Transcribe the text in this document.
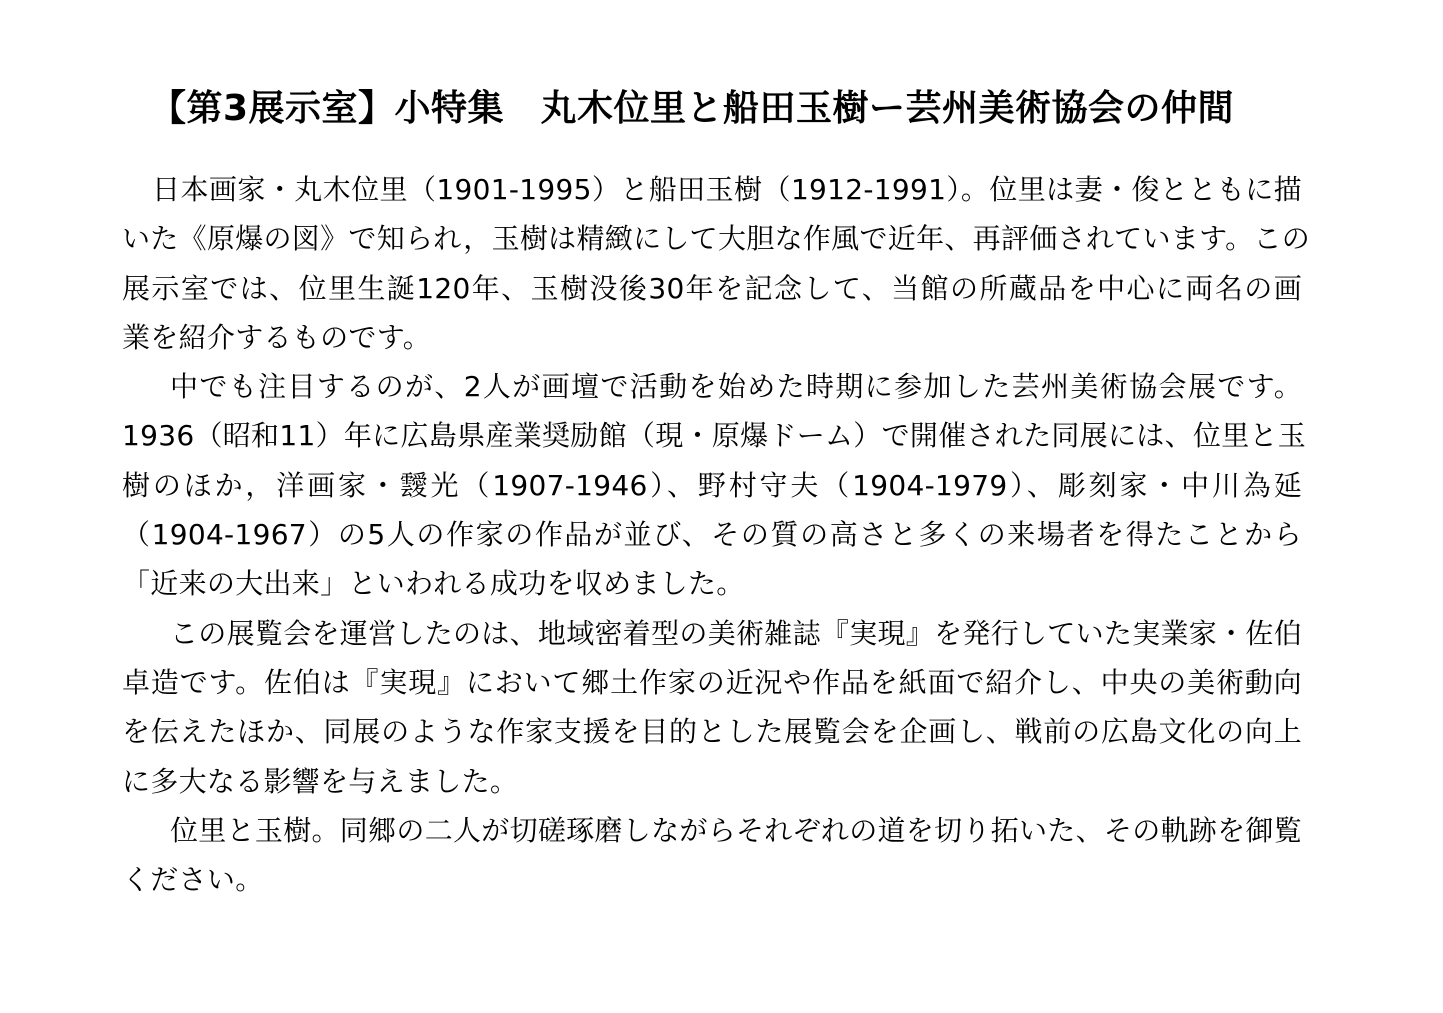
【第3展示室】小特集　丸木位里と船田玉樹ー芸州美術協会の仲間
日本画家・丸木位里（1901-1995）と船田玉樹（1912-1991）。位里は妻・俊とともに描
いた《原爆の図》で知られ，玉樹は精緻にして大胆な作風で近年、再評価されています。この
展示室では、位里生誕120年、玉樹没後30年を記念して、当館の所蔵品を中心に両名の画
業を紹介するものです。
中でも注目するのが、2人が画壇で活動を始めた時期に参加した芸州美術協会展です。
1936（昭和11）年に広島県産業奨励館（現・原爆ドーム）で開催された同展には、位里と玉
樹のほか，洋画家・靉光（1907-1946）、野村守夫（1904-1979）、彫刻家・中川為延
（1904-1967）の5人の作家の作品が並び、その質の高さと多くの来場者を得たことから
「近来の大出来」といわれる成功を収めました。
この展覧会を運営したのは、地域密着型の美術雑誌『実現』を発行していた実業家・佐伯
卓造です。佐伯は『実現』において郷土作家の近況や作品を紙面で紹介し、中央の美術動向
を伝えたほか、同展のような作家支援を目的とした展覧会を企画し、戦前の広島文化の向上
に多大なる影響を与えました。
位里と玉樹。同郷の二人が切磋琢磨しながらそれぞれの道を切り拓いた、その軌跡を御覧
ください。
